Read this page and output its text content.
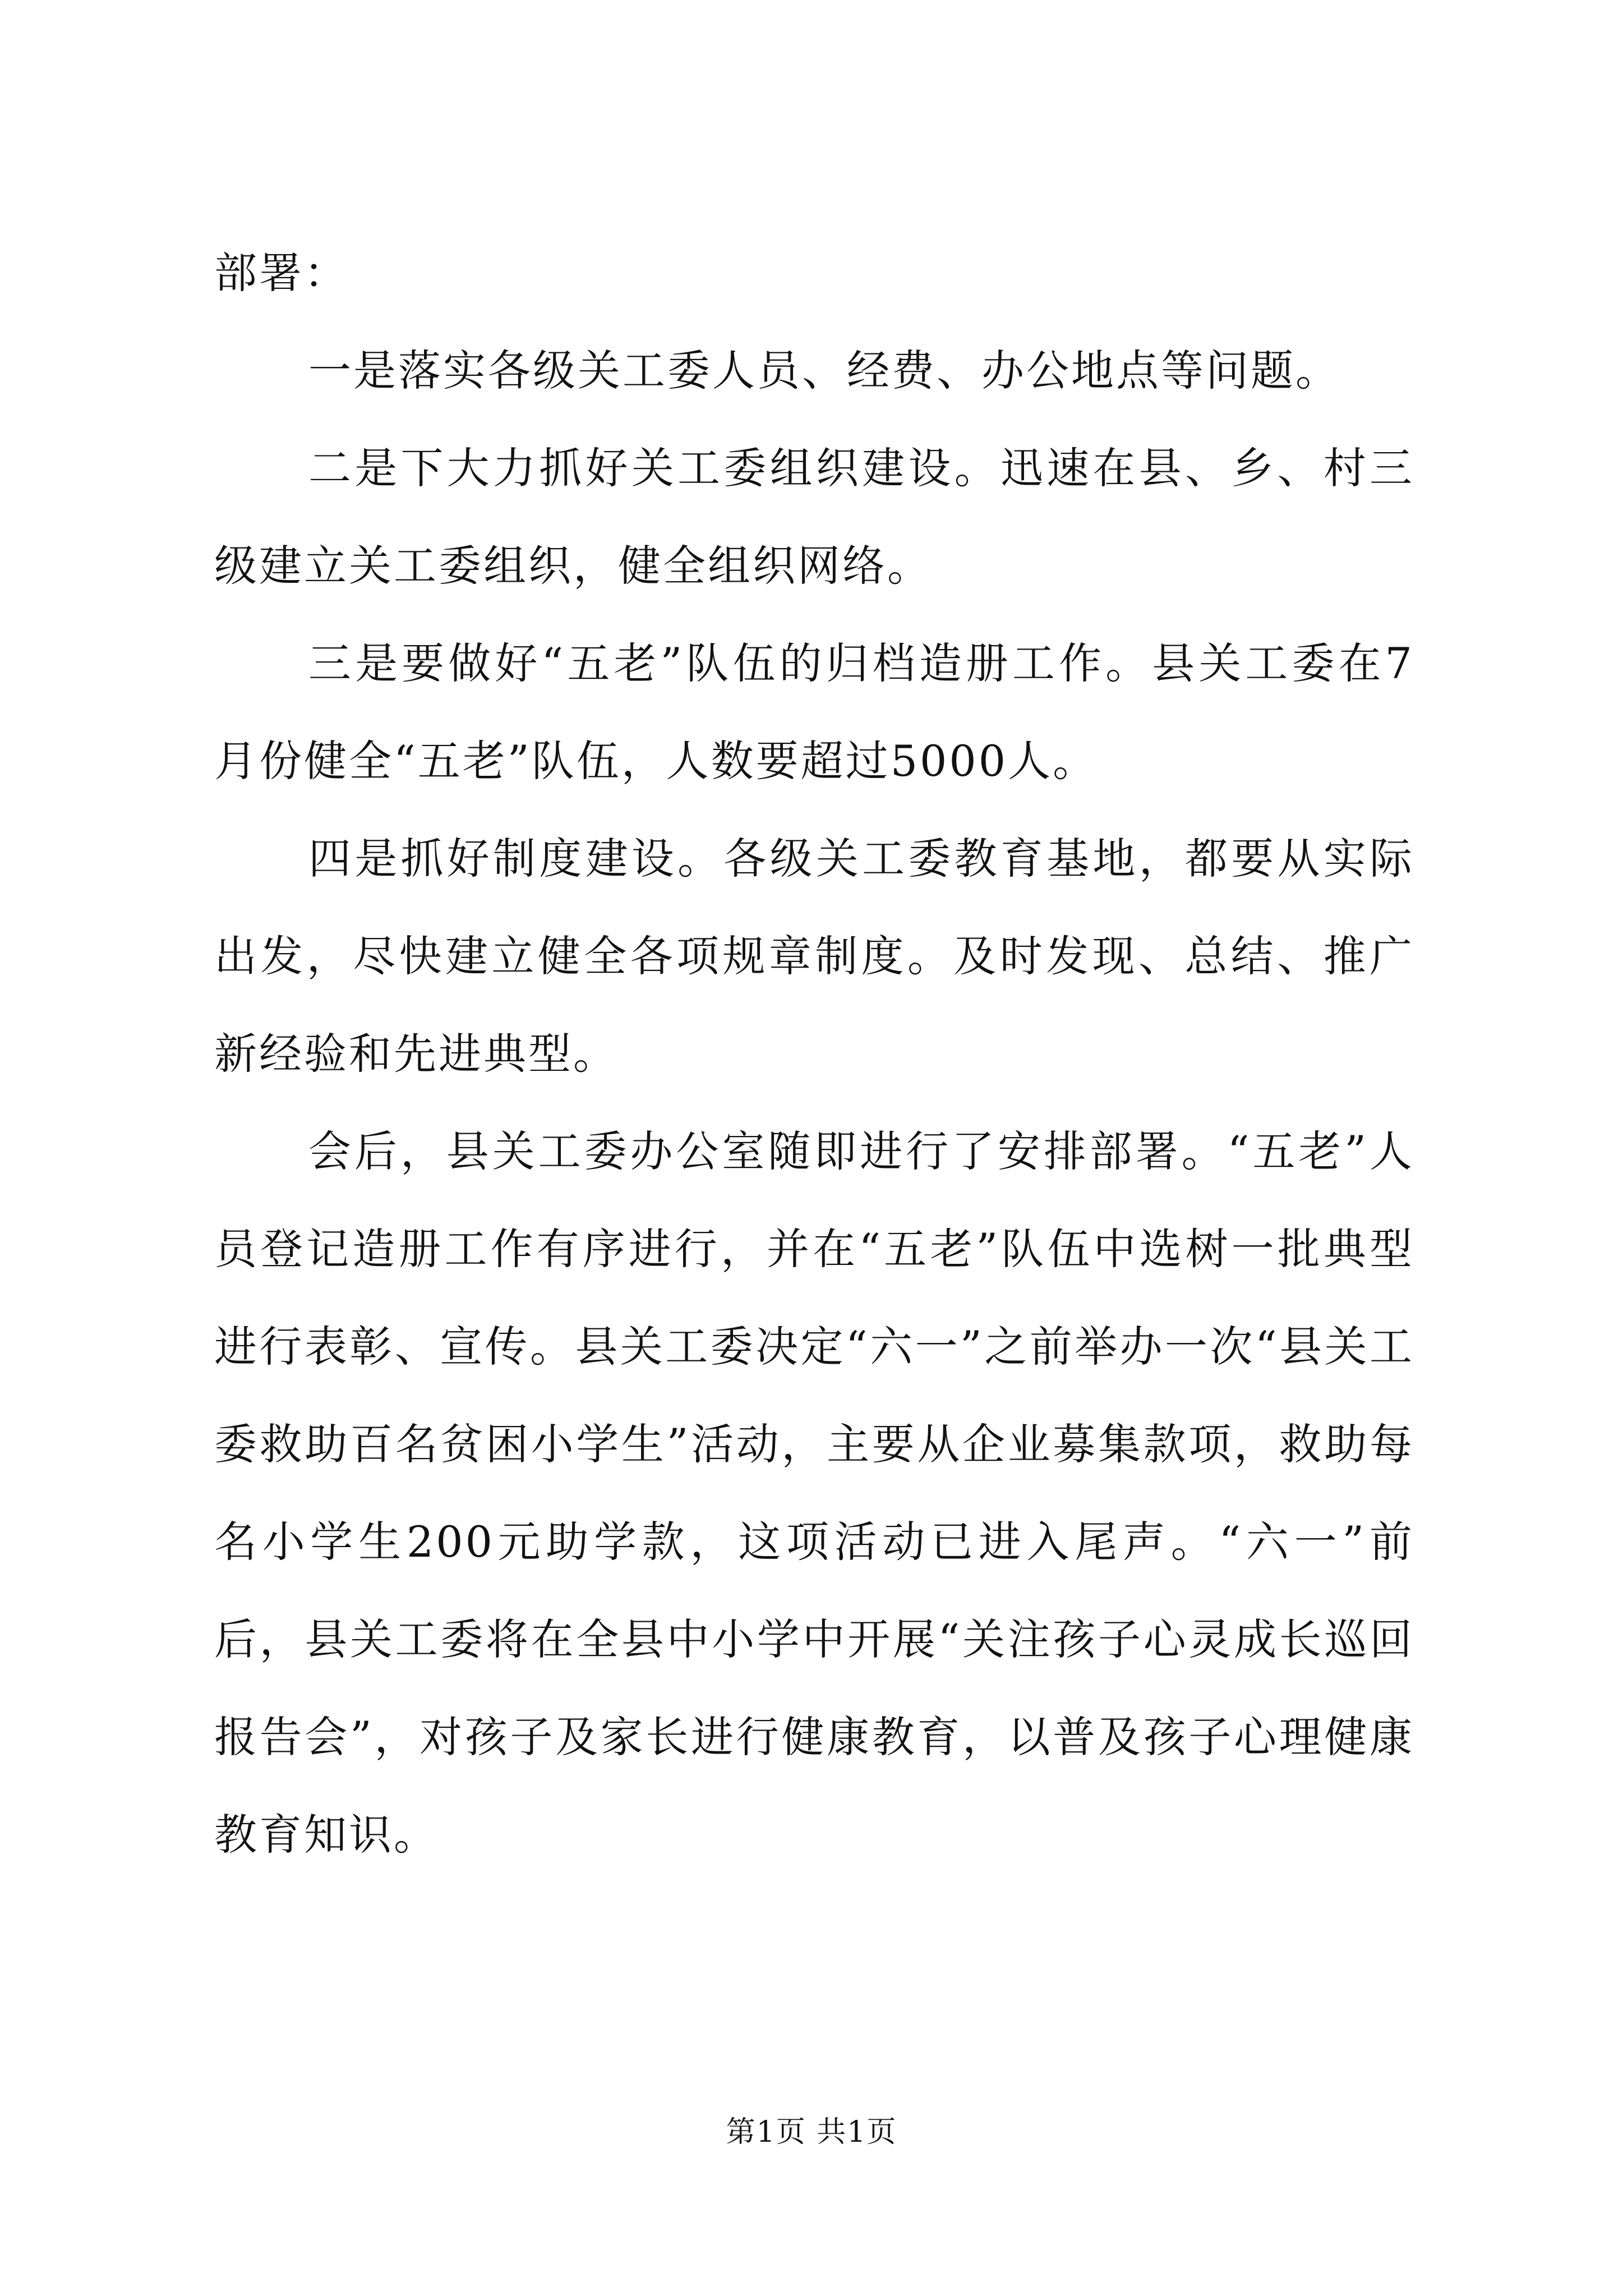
部署：

一是落实各级关工委人员、经费、办公地点等问题。

二是下大力抓好关工委组织建设。迅速在县、乡、村三级建立关工委组织，健全组织网络。

三是要做好“五老”队伍的归档造册工作。县关工委在7月份健全“五老”队伍，人数要超过5000人。

四是抓好制度建设。各级关工委教育基地，都要从实际出发，尽快建立健全各项规章制度。及时发现、总结、推广新经验和先进典型。

会后，县关工委办公室随即进行了安排部署。“五老”人员登记造册工作有序进行，并在“五老”队伍中选树一批典型进行表彰、宣传。县关工委决定“六一”之前举办一次“县关工委救助百名贫困小学生”活动，主要从企业募集款项，救助每名小学生200元助学款，这项活动已进入尾声。“六一”前后，县关工委将在全县中小学中开展“关注孩子心灵成长巡回报告会”，对孩子及家长进行健康教育，以普及孩子心理健康教育知识。

第1页 共1页
